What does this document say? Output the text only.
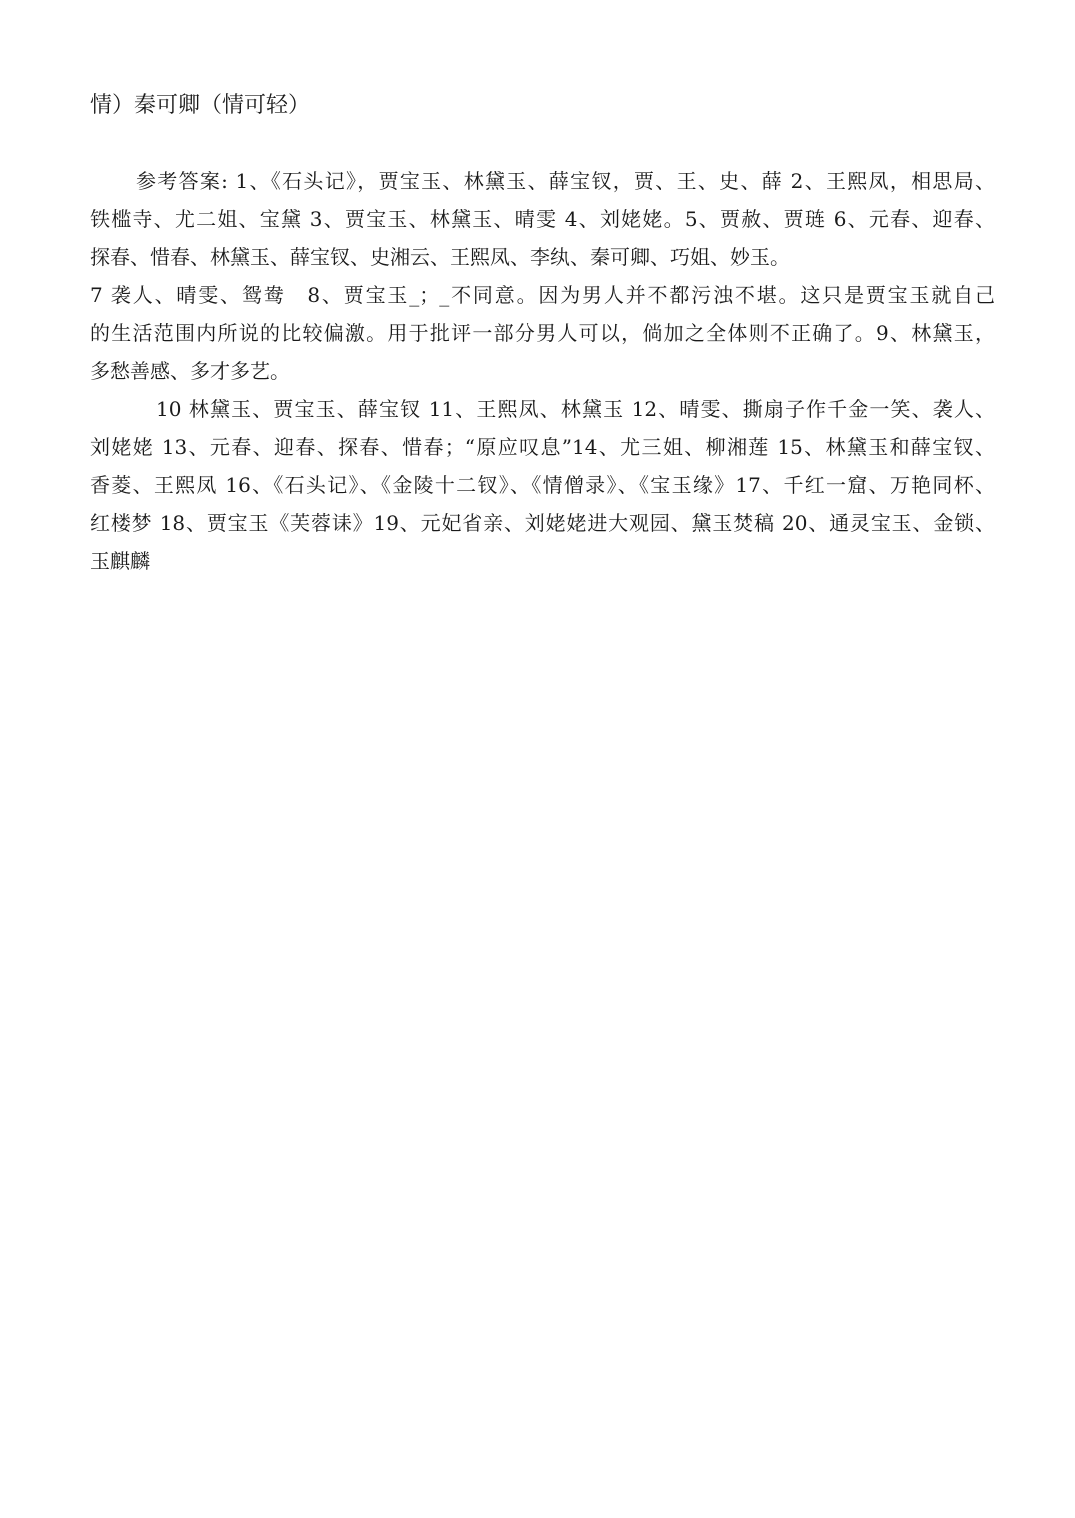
情）秦可卿（情可轻）
参考答案: 1、《石头记》，贾宝玉、林黛玉、薛宝钗，贾、王、史、薛 2、王熙凤，相思局、
铁槛寺、尤二姐、宝黛 3、贾宝玉、林黛玉、晴雯 4、刘姥姥。5、贾赦、贾琏 6、元春、迎春、
探春、惜春、林黛玉、薛宝钗、史湘云、王熙凤、李纨、秦可卿、巧姐、妙玉。
7 袭人、晴雯、鸳鸯　8、贾宝玉_；_不同意。因为男人并不都污浊不堪。这只是贾宝玉就自己
的生活范围内所说的比较偏激。用于批评一部分男人可以，倘加之全体则不正确了。9、林黛玉，
多愁善感、多才多艺。
10 林黛玉、贾宝玉、薛宝钗 11、王熙凤、林黛玉 12、晴雯、撕扇子作千金一笑、袭人、
刘姥姥 13、元春、迎春、探春、惜春；“原应叹息”14、尤三姐、柳湘莲 15、林黛玉和薛宝钗、
香菱、王熙凤 16、《石头记》、《金陵十二钗》、《情僧录》、《宝玉缘》17、千红一窟、万艳同杯、
红楼梦 18、贾宝玉《芙蓉诔》19、元妃省亲、刘姥姥进大观园、黛玉焚稿 20、通灵宝玉、金锁、
玉麒麟
